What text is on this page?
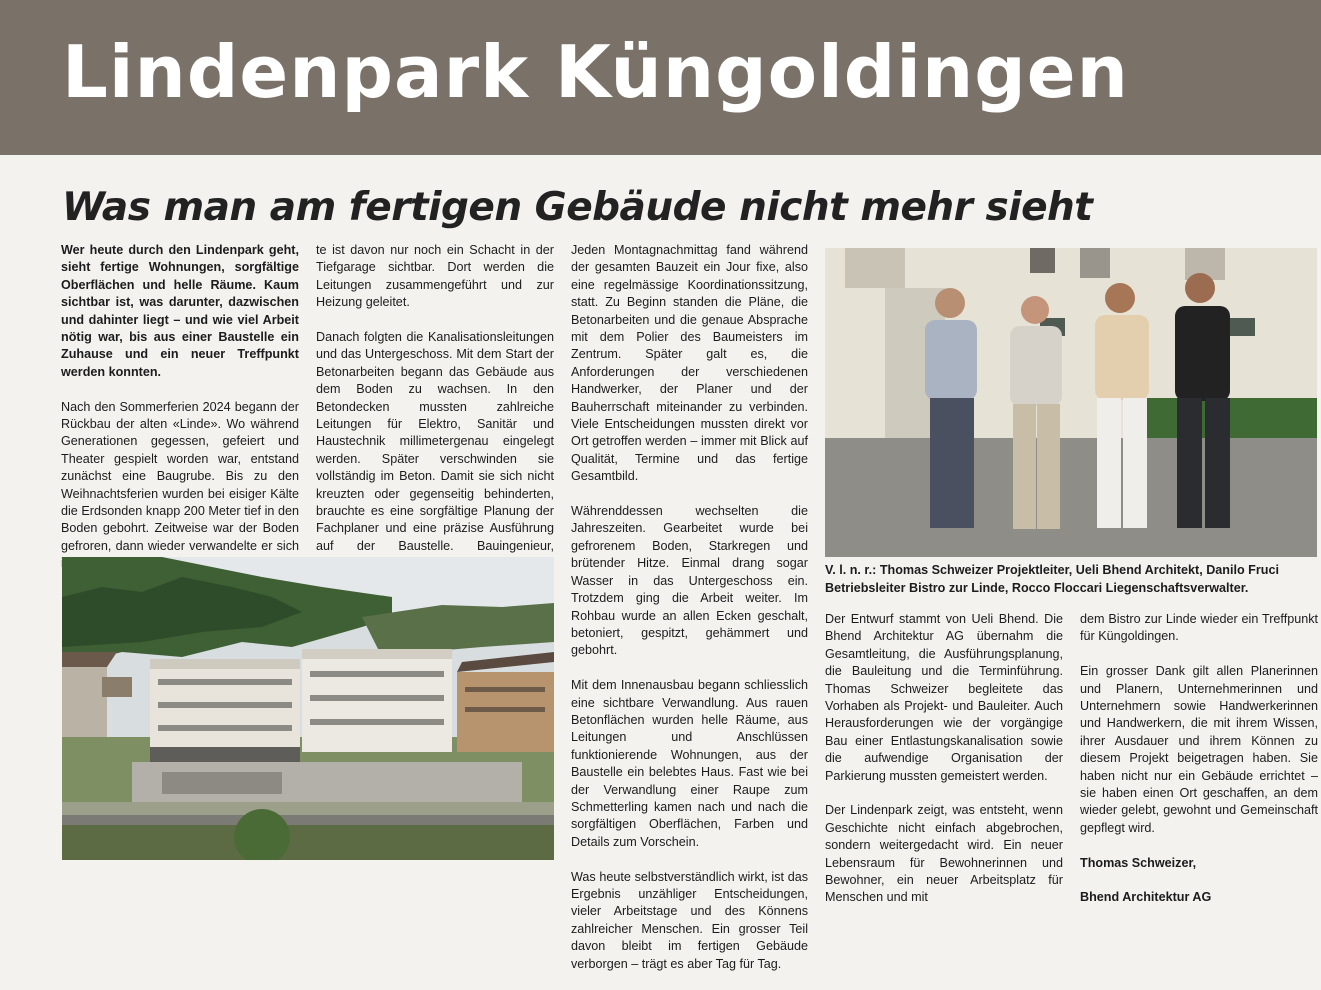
Lindenpark Küngoldingen
Was man am fertigen Gebäude nicht mehr sieht

Wer heute durch den Lindenpark geht, sieht fertige Wohnungen, sorgfältige Oberflächen und helle Räume. Kaum sichtbar ist, was darunter, dazwischen und dahinter liegt – und wie viel Arbeit nötig war, bis aus einer Baustelle ein Zuhause und ein neuer Treffpunkt werden konnten.

Nach den Sommerferien 2024 begann der Rückbau der alten «Linde». Wo während Generationen gegessen, gefeiert und Theater gespielt worden war, entstand zunächst eine Baugrube. Bis zu den Weihnachtsferien wurden bei eisiger Kälte die Erdsonden knapp 200 Meter tief in den Boden gebohrt. Zeitweise war der Boden gefroren, dann wieder verwandelte er sich

te ist davon nur noch ein Schacht in der Tiefgarage sichtbar. Dort werden die Leitungen zusammengeführt und zur Heizung geleitet.

Danach folgten die Kanalisationsleitungen und das Untergeschoss. Mit dem Start der Betonarbeiten begann das Gebäude aus dem Boden zu wachsen. In den Betondecken mussten zahlreiche Leitungen für Elektro, Sanitär und Haustechnik millimetergenau eingelegt werden. Später verschwinden sie vollständig im Beton. Damit sie sich nicht kreuzten oder gegenseitig behinderten, brauchte es eine sorgfältige Planung der Fachplaner und eine präzise Ausführung auf der Baustelle. Bauingenieur,

Jeden Montagnachmittag fand während der gesamten Bauzeit ein Jour fixe, also eine regelmässige Koordinationssitzung, statt. Zu Beginn standen die Pläne, die Betonarbeiten und die genaue Absprache mit dem Polier des Baumeisters im Zentrum. Später galt es, die Anforderungen der verschiedenen Handwerker, der Planer und der Bauherrschaft miteinander zu verbinden. Viele Entscheidungen mussten direkt vor Ort getroffen werden – immer mit Blick auf Qualität, Termine und das fertige Gesamtbild.

Währenddessen wechselten die Jahreszeiten. Gearbeitet wurde bei gefrorenem Boden, Starkregen und brütender Hitze. Einmal drang sogar Wasser in das Untergeschoss ein. Trotzdem ging die Arbeit weiter. Im Rohbau wurde an allen Ecken geschalt, betoniert, gespitzt, gehämmert und gebohrt.

Mit dem Innenausbau begann schliesslich eine sichtbare Verwandlung. Aus rauen Betonflächen wurden helle Räume, aus Leitungen und Anschlüssen funktionierende Wohnungen, aus der Baustelle ein belebtes Haus. Fast wie bei der Verwandlung einer Raupe zum Schmetterling kamen nach und nach die sorgfältigen Oberflächen, Farben und Details zum Vorschein.

Was heute selbstverständlich wirkt, ist das Ergebnis unzähliger Entscheidungen, vieler Arbeitstage und des Könnens zahlreicher Menschen. Ein grosser Teil davon bleibt im fertigen Gebäude verborgen – trägt es aber Tag für Tag.

V. l. n. r.: Thomas Schweizer Projektleiter, Ueli Bhend Architekt, Danilo Fruci Betriebsleiter Bistro zur Linde, Rocco Floccari Liegenschaftsverwalter.

Der Entwurf stammt von Ueli Bhend. Die Bhend Architektur AG übernahm die Gesamtleitung, die Ausführungsplanung, die Bauleitung und die Terminführung. Thomas Schweizer begleitete das Vorhaben als Projekt- und Bauleiter. Auch Herausforderungen wie der vorgängige Bau einer Entlastungskanalisation sowie die aufwendige Organisation der Parkierung mussten gemeistert werden.

Der Lindenpark zeigt, was entsteht, wenn Geschichte nicht einfach abgebrochen, sondern weitergedacht wird. Ein neuer Lebensraum für Bewohnerinnen und Bewohner, ein neuer Arbeitsplatz für Menschen und mit

dem Bistro zur Linde wieder ein Treffpunkt für Küngoldingen.

Ein grosser Dank gilt allen Planerinnen und Planern, Unternehmerinnen und Unternehmern sowie Handwerkerinnen und Handwerkern, die mit ihrem Wissen, ihrer Ausdauer und ihrem Können zu diesem Projekt beigetragen haben. Sie haben nicht nur ein Gebäude errichtet – sie haben einen Ort geschaffen, an dem wieder gelebt, gewohnt und Gemeinschaft gepflegt wird.

Thomas Schweizer,

Bhend Architektur AG
